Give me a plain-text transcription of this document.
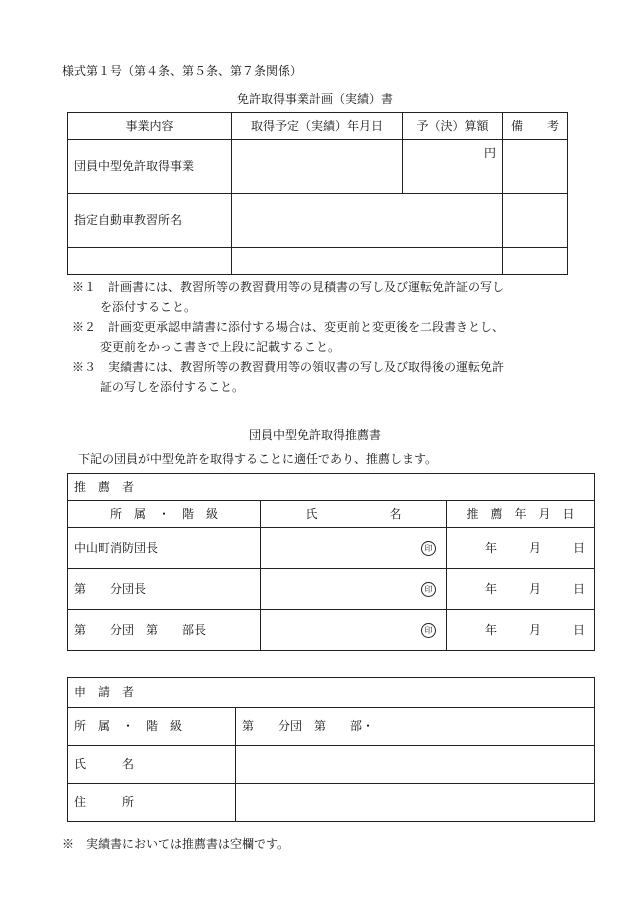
様式第１号（第４条、第５条、第７条関係）
免許取得事業計画（実績）書
事業内容	取得予定（実績）年月日	予（決）算額	備　　考
団員中型免許取得事業		円	
指定自動車教習所名			

※１　 計画書には、教習所等の教習費用等の見積書の写し及び運転免許証の写し
を添付すること。
※２　 計画変更承認申請書に添付する場合は、変更前と変更後を二段書きとし、
変更前をかっこ書きで上段に記載すること。
※３　 実績書には、教習所等の教習費用等の領収書の写し及び取得後の運転免許
証の写しを添付すること。
団員中型免許取得推薦書
下記の団員が中型免許を取得することに適任であり、推薦します。
推　薦　者		
所　属　・　階　級	氏　　　　　　名	推　薦　年　月　日
中山町消防団長	印	年 月 日
第　　分団長	印	年 月 日
第　　分団　第　　部長	印	年 月 日
申　請　者	
所　属　・　階　級	第　　分団　第　　部・
氏　　　名	
住　　　所	
※　実績書においては推薦書は空欄です。
